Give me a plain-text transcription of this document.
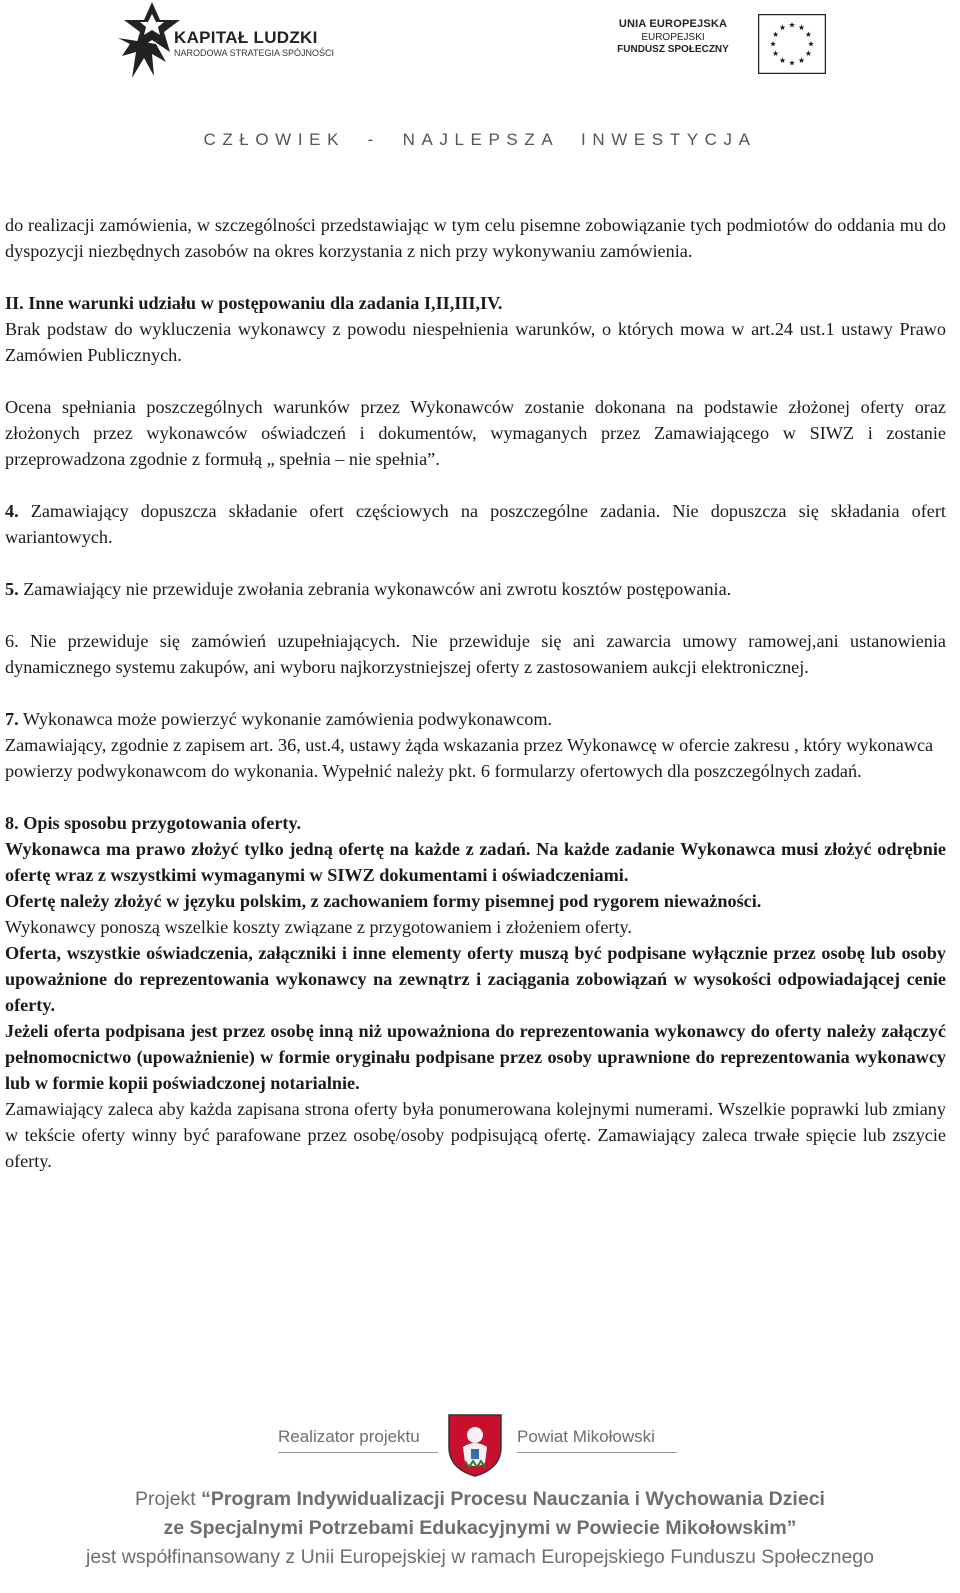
KAPITAŁ LUDZKI
NARODOWA STRATEGIA SPÓJNOŚCI
UNIA EUROPEJSKA
EUROPEJSKI
FUNDUSZ SPOŁECZNY
CZŁOWIEK  -  NAJLEPSZA  INWESTYCJA

do realizacji zamówienia, w szczególności przedstawiając w tym celu pisemne zobowiązanie tych podmiotów do oddania mu do dyspozycji niezbędnych zasobów na okres korzystania z nich przy wykonywaniu zamówienia.

II. Inne warunki udziału w postępowaniu dla zadania I,II,III,IV.

Brak podstaw do wykluczenia wykonawcy z powodu niespełnienia warunków, o których mowa w art.24 ust.1 ustawy Prawo Zamówien Publicznych.

Ocena spełniania poszczególnych warunków przez Wykonawców zostanie dokonana na podstawie złożonej oferty oraz złożonych przez wykonawców oświadczeń i dokumentów, wymaganych przez Zamawiającego w SIWZ i zostanie przeprowadzona zgodnie z formułą „ spełnia – nie spełnia”.

4. Zamawiający dopuszcza składanie ofert częściowych na poszczególne zadania. Nie dopuszcza się składania ofert wariantowych.

5. Zamawiający nie przewiduje zwołania zebrania wykonawców ani zwrotu kosztów postępowania.

6. Nie przewiduje się zamówień uzupełniających. Nie przewiduje się ani zawarcia umowy ramowej,ani ustanowienia dynamicznego systemu zakupów, ani wyboru najkorzystniejszej oferty z zastosowaniem aukcji elektronicznej.

7. Wykonawca może powierzyć wykonanie zamówienia podwykonawcom.

Zamawiający, zgodnie z zapisem art. 36, ust.4, ustawy żąda wskazania przez Wykonawcę w ofercie zakresu , który wykonawca powierzy podwykonawcom do wykonania. Wypełnić należy pkt. 6 formularzy ofertowych dla poszczególnych zadań.

8. Opis sposobu przygotowania oferty.

Wykonawca ma prawo złożyć tylko jedną ofertę na każde z zadań. Na każde zadanie Wykonawca musi złożyć odrębnie ofertę wraz z wszystkimi wymaganymi w SIWZ dokumentami i oświadczeniami.

Ofertę należy złożyć w języku polskim, z zachowaniem formy pisemnej pod rygorem nieważności.

Wykonawcy ponoszą wszelkie koszty związane z przygotowaniem i złożeniem oferty.

Oferta, wszystkie oświadczenia, załączniki i inne elementy oferty muszą być podpisane wyłącznie przez osobę lub osoby upoważnione do reprezentowania wykonawcy na zewnątrz i zaciągania zobowiązań w wysokości odpowiadającej cenie oferty.

Jeżeli oferta podpisana jest przez osobę inną niż upoważniona do reprezentowania wykonawcy do oferty należy załączyć pełnomocnictwo (upoważnienie) w formie oryginału podpisane przez osoby uprawnione do reprezentowania wykonawcy lub w formie kopii poświadczonej notarialnie.

Zamawiający zaleca aby każda zapisana strona oferty była ponumerowana kolejnymi numerami. Wszelkie poprawki lub zmiany w tekście oferty winny być parafowane przez osobę/osoby podpisującą ofertę. Zamawiający zaleca trwałe spięcie lub zszycie oferty.

Realizator projektu	Powiat Mikołowski
Projekt “Program Indywidualizacji Procesu Nauczania i Wychowania Dzieci
ze Specjalnymi Potrzebami Edukacyjnymi w Powiecie Mikołowskim”
jest współfinansowany z Unii Europejskiej w ramach Europejskiego Funduszu Społecznego
